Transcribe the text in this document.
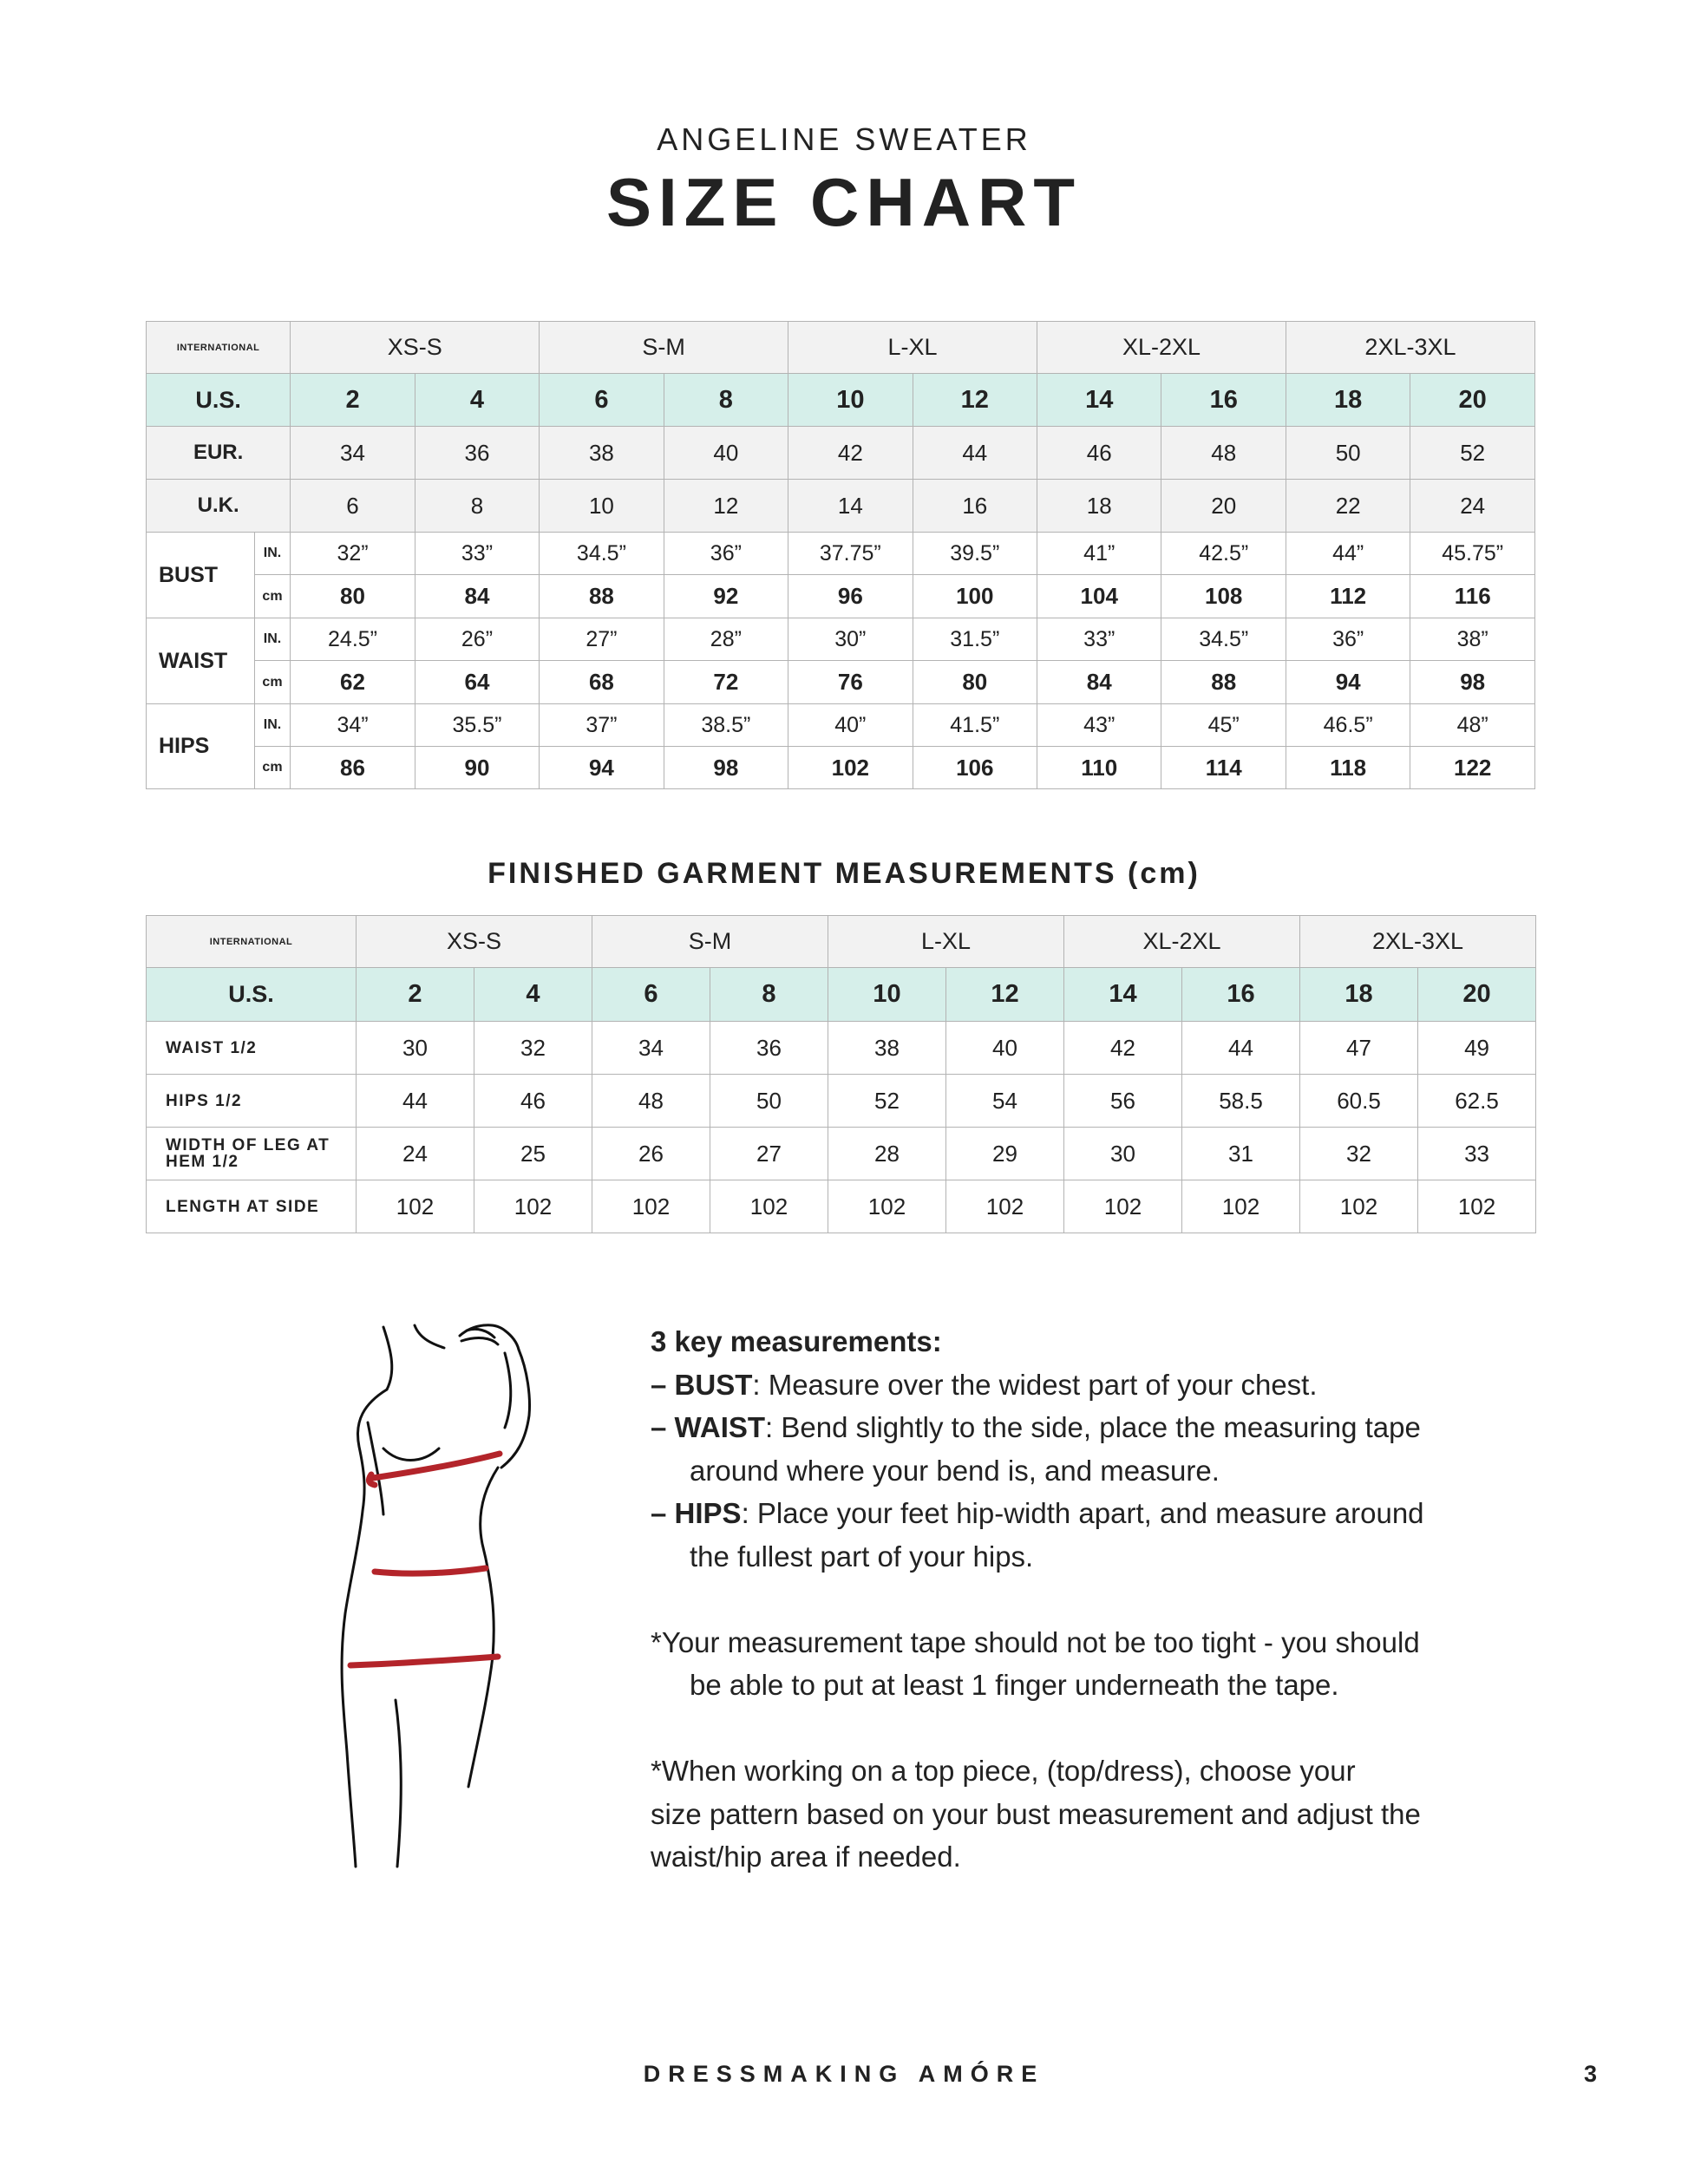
ANGELINE SWEATER
SIZE CHART
INTERNATIONAL		XS-S		S-M		L-XL		XL-2XL		2XL-3XL	
U.S.		2	4	6	8	10	12	14	16	18	20
EUR.		34	36	38	40	42	44	46	48	50	52
U.K.		6	8	10	12	14	16	18	20	22	24
BUST	IN.	32”	33”	34.5”	36”	37.75”	39.5”	41”	42.5”	44”	45.75”
	cm	80	84	88	92	96	100	104	108	112	116
WAIST	IN.	24.5”	26”	27”	28”	30”	31.5”	33”	34.5”	36”	38”
	cm	62	64	68	72	76	80	84	88	94	98
HIPS	IN.	34”	35.5”	37”	38.5”	40”	41.5”	43”	45”	46.5”	48”
	cm	86	90	94	98	102	106	110	114	118	122
FINISHED GARMENT MEASUREMENTS (cm)
INTERNATIONAL	XS-S		S-M		L-XL		XL-2XL		2XL-3XL	
U.S.	2	4	6	8	10	12	14	16	18	20
WAIST 1/2	30	32	34	36	38	40	42	44	47	49
HIPS 1/2	44	46	48	50	52	54	56	58.5	60.5	62.5
WIDTH OF LEG AT
HEM 1/2	24	25	26	27	28	29	30	31	32	33
LENGTH AT SIDE	102	102	102	102	102	102	102	102	102	102
3 key measurements:
– BUST: Measure over the widest part of your chest.
– WAIST: Bend slightly to the side, place the measuring tape
around where your bend is, and measure.
– HIPS: Place your feet hip-width apart, and measure around
the fullest part of your hips.
*Your measurement tape should not be too tight - you should
be able to put at least 1 finger underneath the tape.
*When working on a top piece, (top/dress), choose your
size pattern based on your bust measurement and adjust the
waist/hip area if needed.
DRESSMAKING AMÓRE	3
